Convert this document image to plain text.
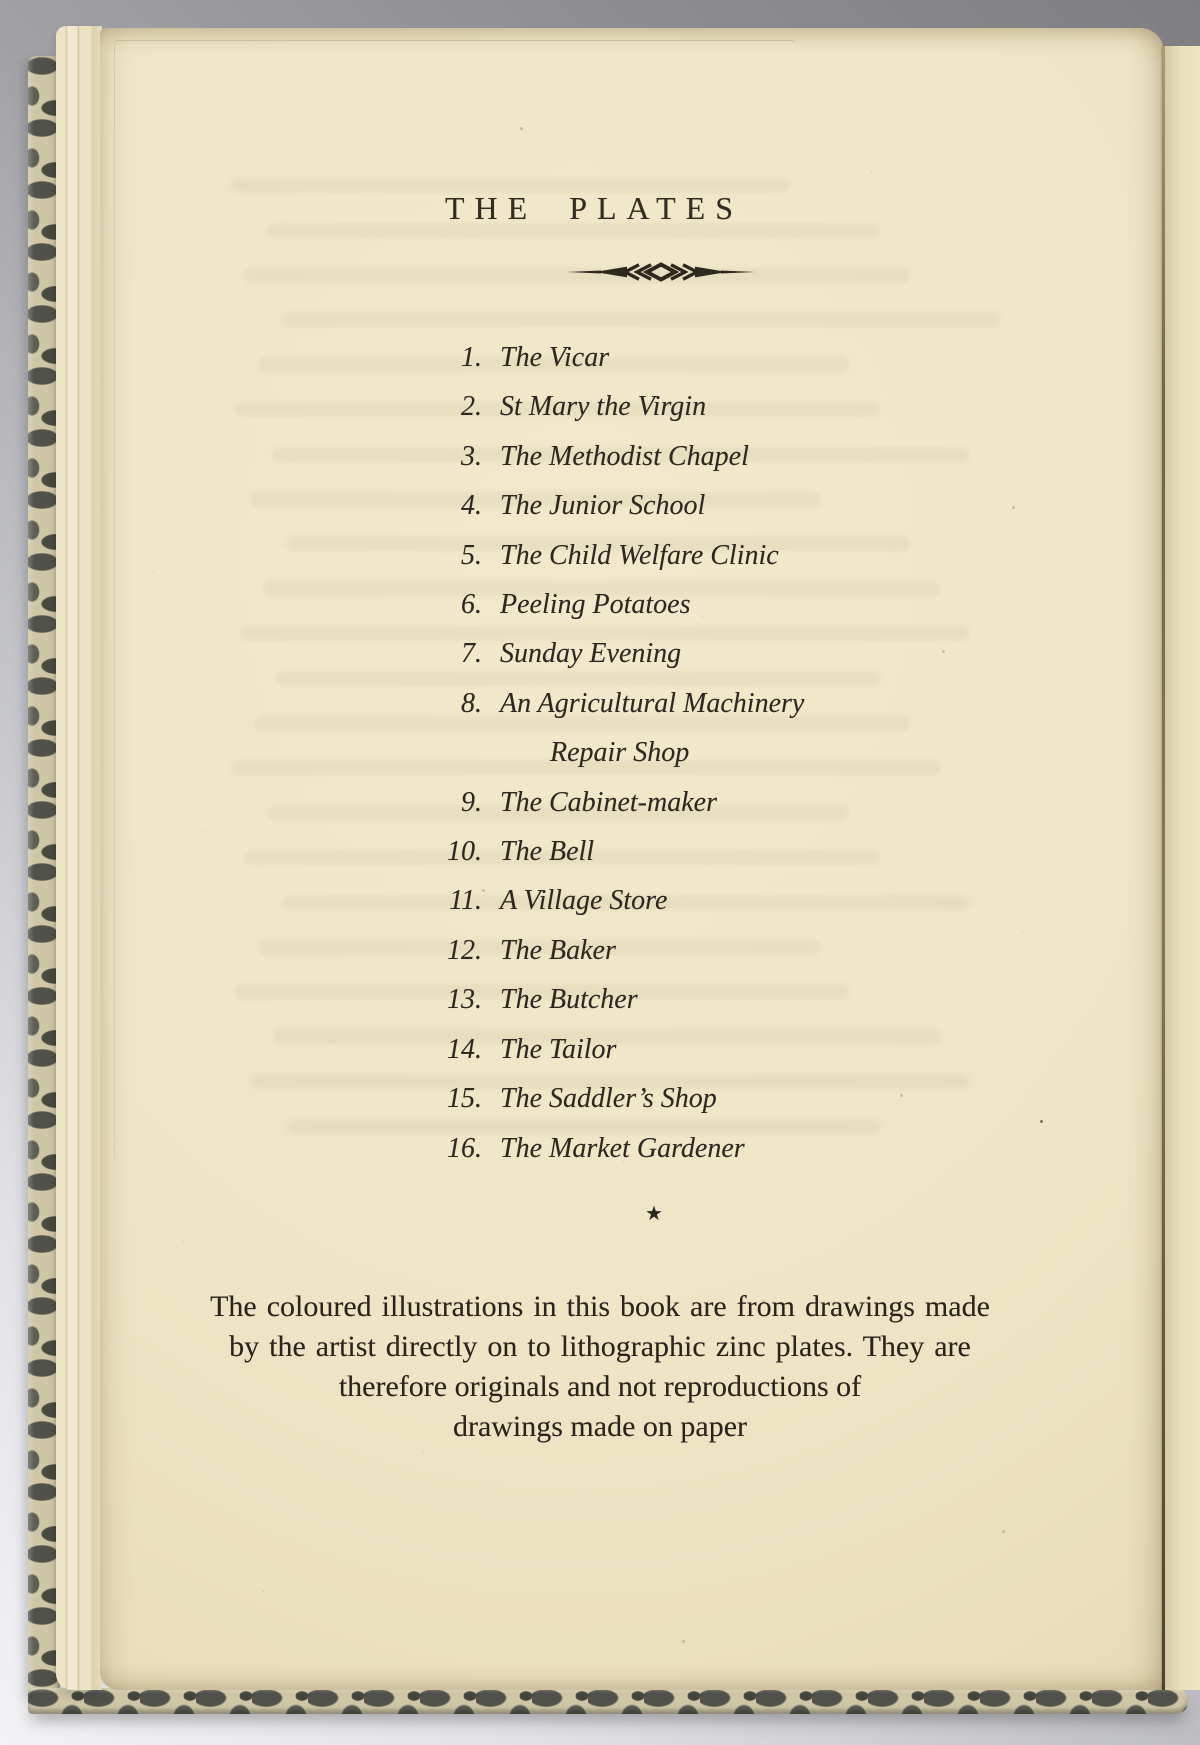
THE PLATES
1. The Vicar
2. St Mary the Virgin
3. The Methodist Chapel
4. The Junior School
5. The Child Welfare Clinic
6. Peeling Potatoes
7. Sunday Evening
8. An Agricultural Machinery
Repair Shop
9. The Cabinet-maker
10. The Bell
11. A Village Store
12. The Baker
13. The Butcher
14. The Tailor
15. The Saddler’s Shop
16. The Market Gardener
★
The coloured illustrations in this book are from drawings made
by the artist directly on to lithographic zinc plates. They are
therefore originals and not reproductions of
drawings made on paper
